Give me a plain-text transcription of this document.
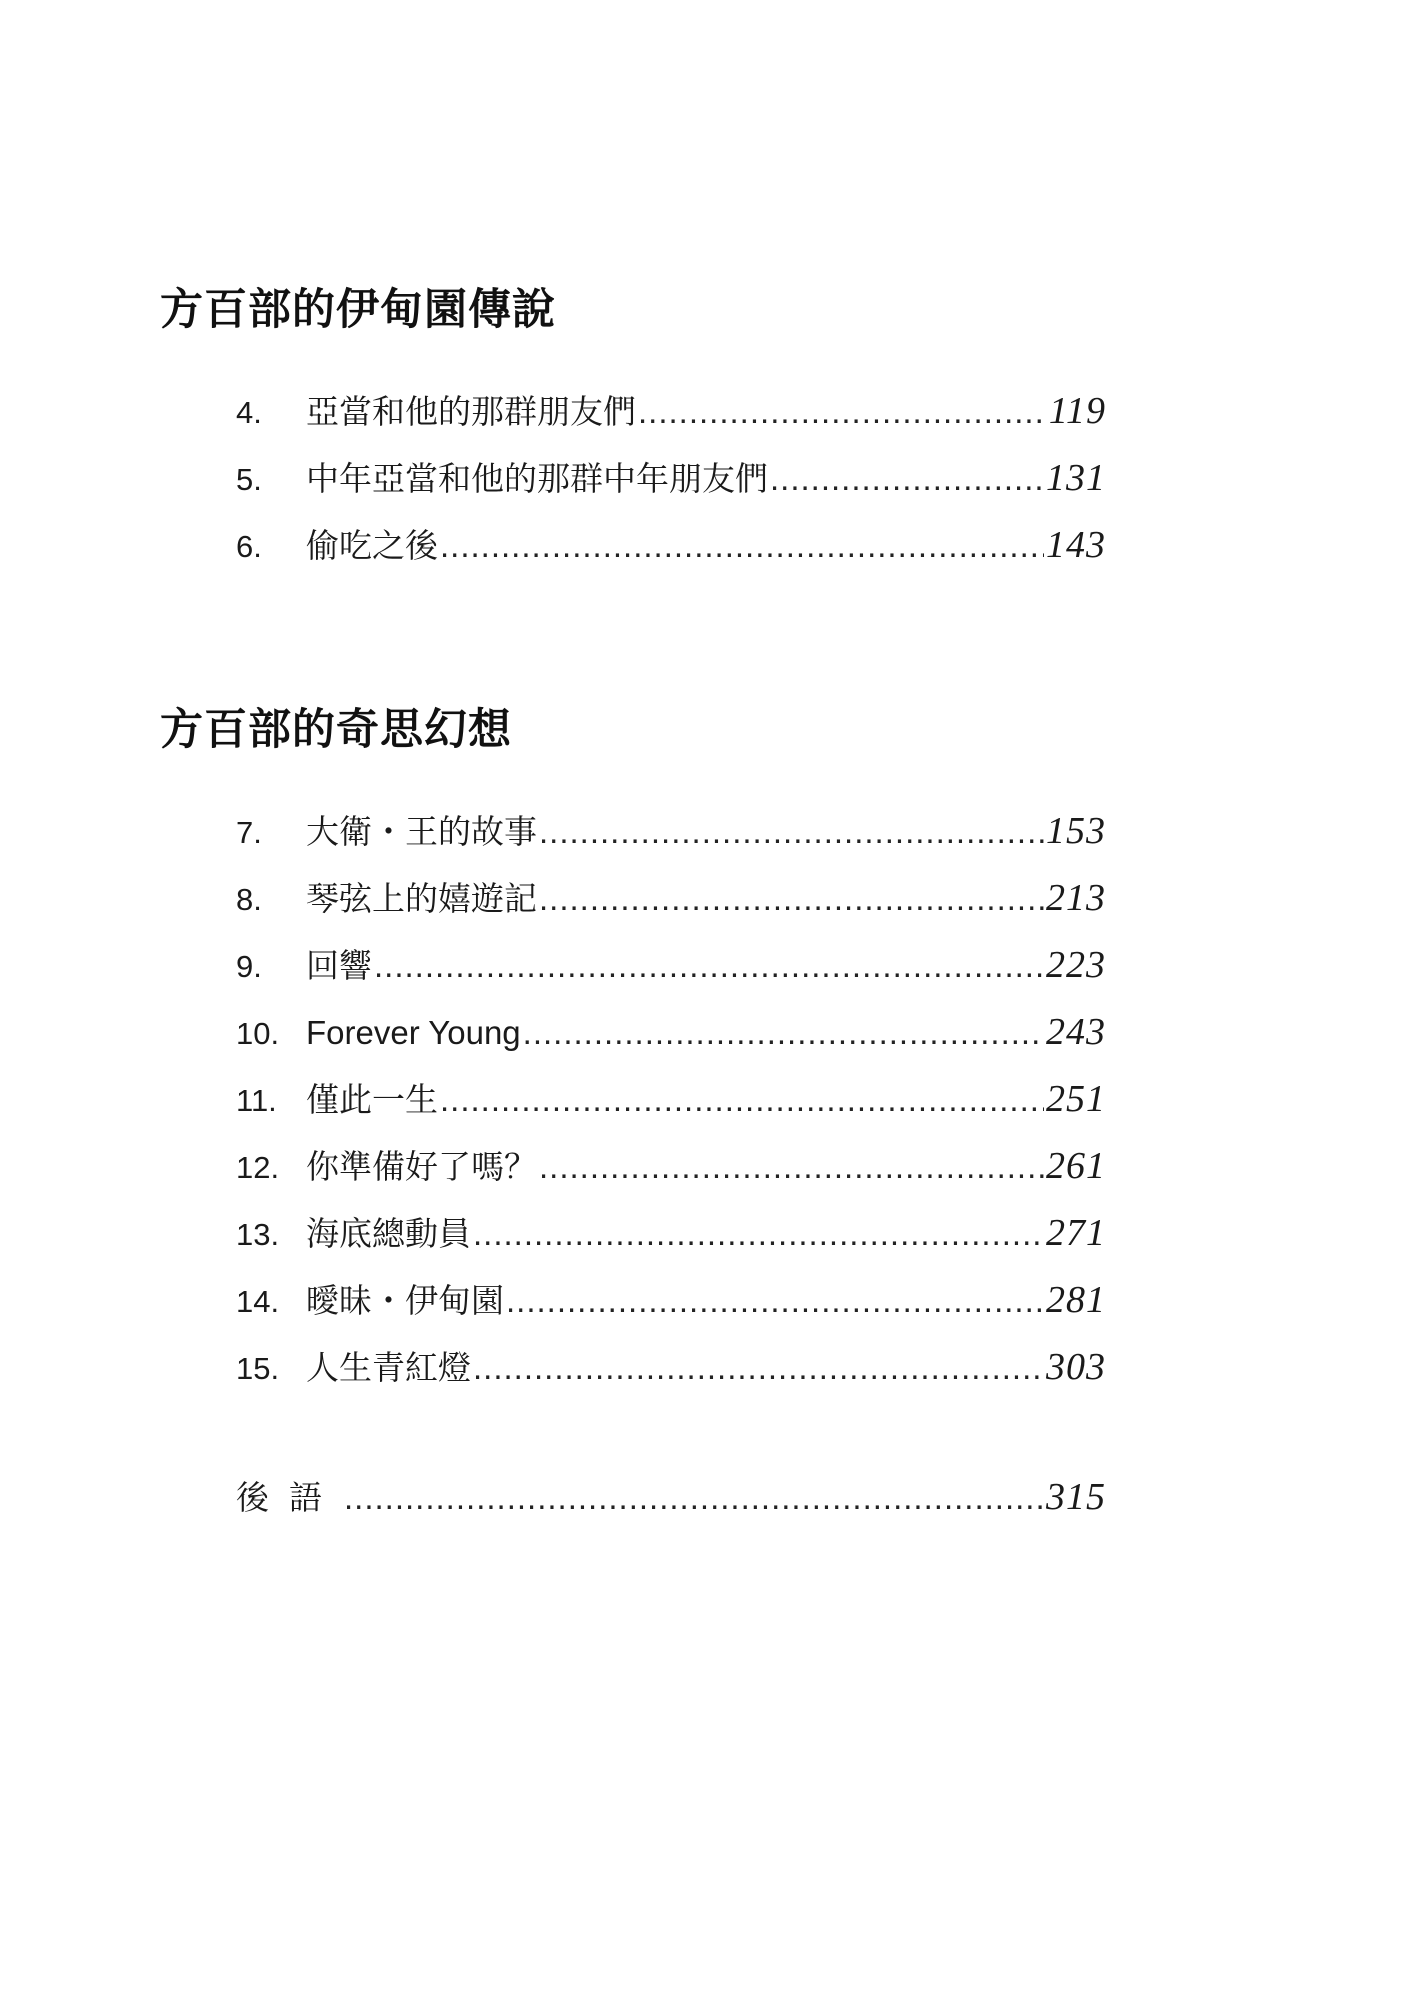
方百部的伊甸園傳說
4.	亞當和他的那群朋友們 .....	119
5.	中年亞當和他的那群中年朋友們 .....	131
6.	偷吃之後 .....	143
方百部的奇思幻想
7.	大衛・王的故事 .....	153
8.	琴弦上的嬉遊記 .....	213
9.	回響 .....	223
10. Forever Young .....	243
11. 僅此一生 .....	251
12. 你準備好了嗎？ .....	261
13. 海底總動員 .....	271
14. 曖昧・伊甸園 .....	281
15. 人生青紅燈 .....	303
後語 .....	315
